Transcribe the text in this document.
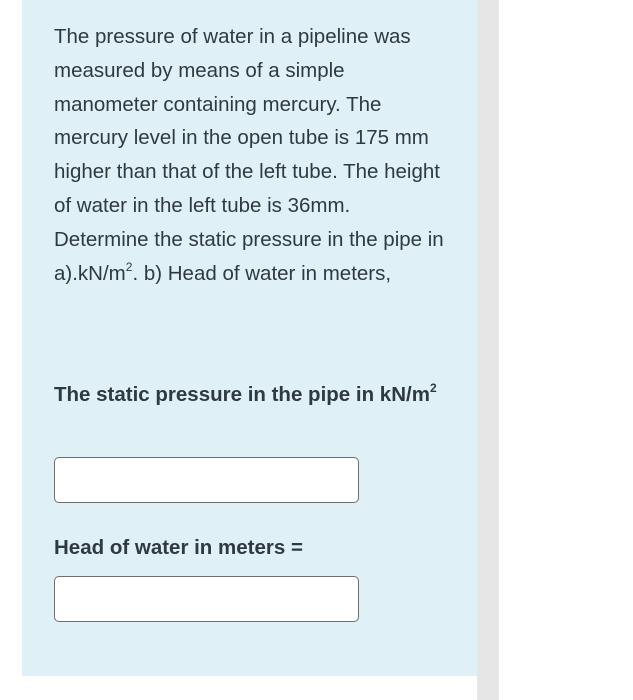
The pressure of water in a pipeline was measured by means of a simple manometer containing mercury. The mercury level in the open tube is 175 mm higher than that of the left tube. The height of water in the left tube is 36mm. Determine the static pressure in the pipe in $a).kN/m^2$. b) Head of water in meters,

The static pressure in the pipe in $kN/m^2$

Head of water in meters =
